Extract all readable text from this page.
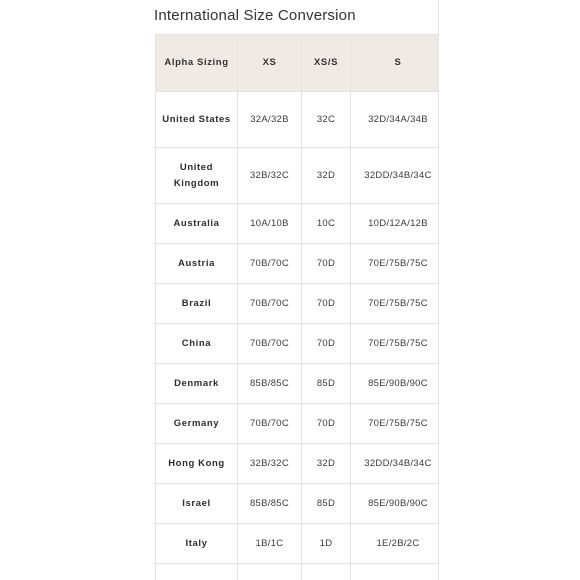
International Size Conversion
Alpha Sizing	XS	XS/S	S
United States	32A/32B	32C	32D/34A/34B
United Kingdom	32B/32C	32D	32DD/34B/34C
Australia	10A/10B	10C	10D/12A/12B
Austria	70B/70C	70D	70E/75B/75C
Brazil	70B/70C	70D	70E/75B/75C
China	70B/70C	70D	70E/75B/75C
Denmark	85B/85C	85D	85E/90B/90C
Germany	70B/70C	70D	70E/75B/75C
Hong Kong	32B/32C	32D	32DD/34B/34C
Israel	85B/85C	85D	85E/90B/90C
Italy	1B/1C	1D	1E/2B/2C
